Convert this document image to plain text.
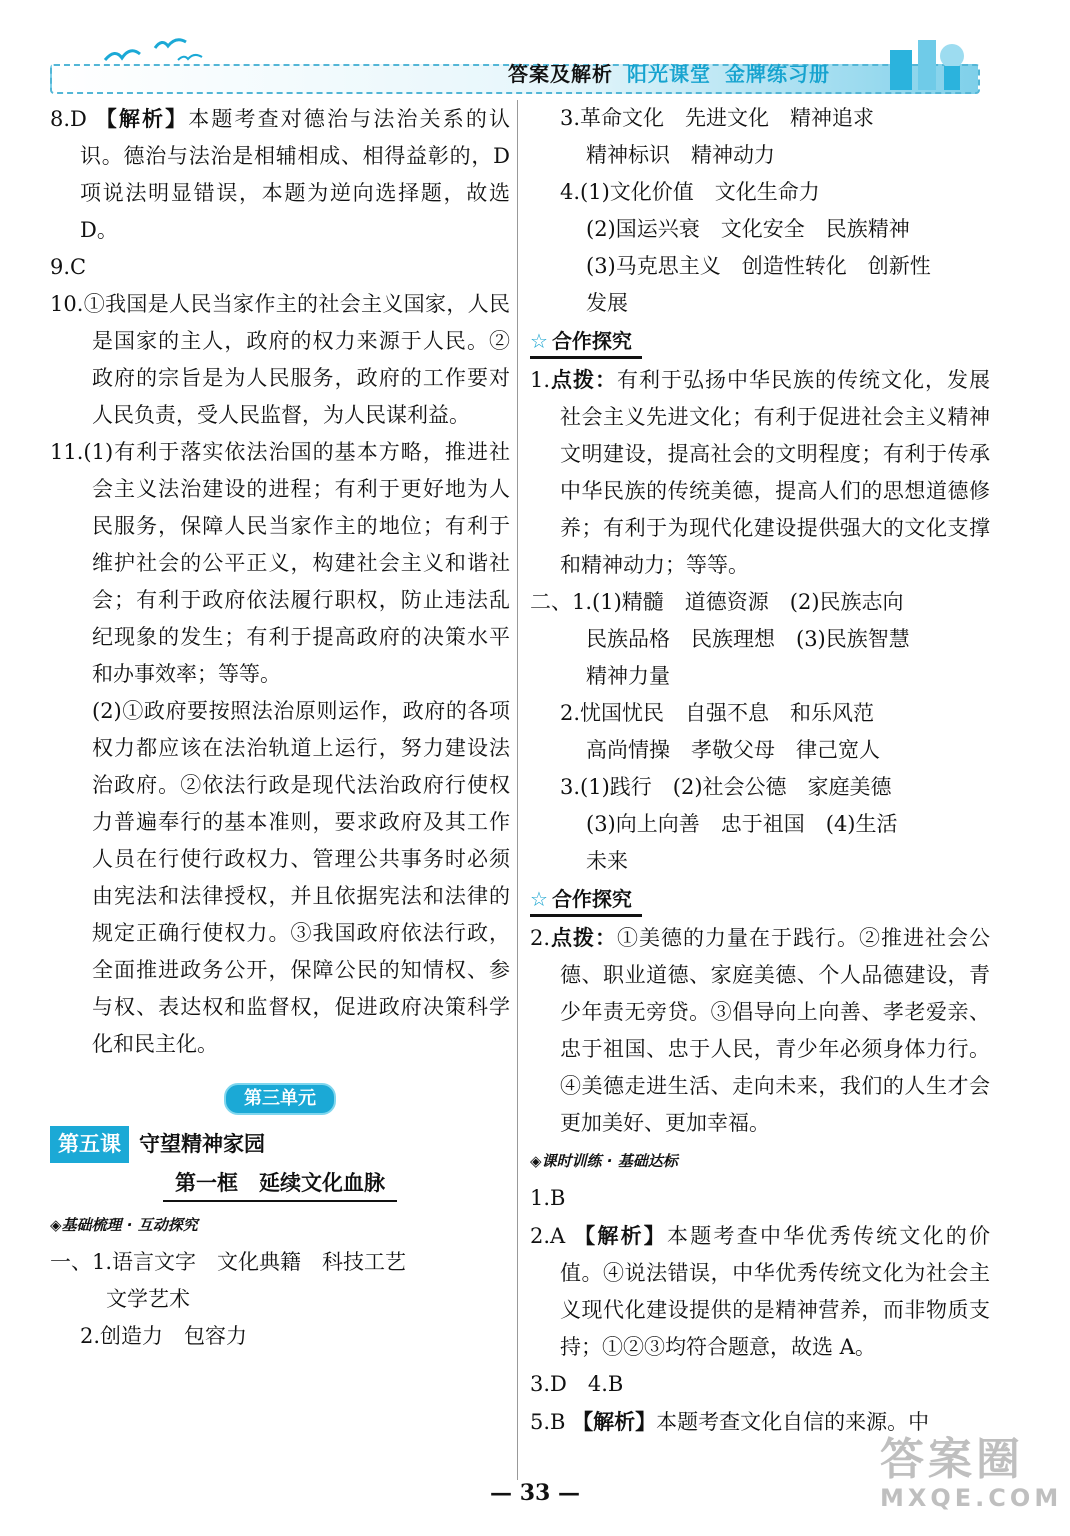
答案及解析 阳光课堂 金牌练习册

8.D 【解析】本题考查对德治与法治关系的认识。德治与法治是相辅相成、相得益彰的，D项说法明显错误，本题为逆向选择题，故选 D。

9.C

10.①我国是人民当家作主的社会主义国家，人民是国家的主人，政府的权力来源于人民。②政府的宗旨是为人民服务，政府的工作要对人民负责，受人民监督，为人民谋利益。

11.(1)有利于落实依法治国的基本方略，推进社会主义法治建设的进程；有利于更好地为人民服务，保障人民当家作主的地位；有利于维护社会的公平正义，构建社会主义和谐社会；有利于政府依法履行职权，防止违法乱纪现象的发生；有利于提高政府的决策水平和办事效率；等等。

(2)①政府要按照法治原则运作，政府的各项权力都应该在法治轨道上运行，努力建设法治政府。②依法行政是现代法治政府行使权力普遍奉行的基本准则，要求政府及其工作人员在行使行政权力、管理公共事务时必须由宪法和法律授权，并且依据宪法和法律的规定正确行使权力。③我国政府依法行政，全面推进政务公开，保障公民的知情权、参与权、表达权和监督权，促进政府决策科学化和民主化。

第三单元
第五课 守望精神家园
第一框　延续文化血脉
◈基础梳理 · 互动探究

一、1.语言文字　文化典籍　科技工艺

文学艺术

2.创造力　包容力

3.革命文化　先进文化　精神追求

精神标识　精神动力

4.(1)文化价值　文化生命力

(2)国运兴衰　文化安全　民族精神

(3)马克思主义　创造性转化　创新性

发展

☆ 合作探究

1.点拨：有利于弘扬中华民族的传统文化，发展社会主义先进文化；有利于促进社会主义精神文明建设，提高社会的文明程度；有利于传承中华民族的传统美德，提高人们的思想道德修养；有利于为现代化建设提供强大的文化支撑和精神动力；等等。

二、1.(1)精髓　道德资源　(2)民族志向

民族品格　民族理想　(3)民族智慧

精神力量

2.忧国忧民　自强不息　和乐风范

高尚情操　孝敬父母　律己宽人

3.(1)践行　(2)社会公德　家庭美德

(3)向上向善　忠于祖国　(4)生活

未来

☆ 合作探究

2.点拨：①美德的力量在于践行。②推进社会公德、职业道德、家庭美德、个人品德建设，青少年责无旁贷。③倡导向上向善、孝老爱亲、忠于祖国、忠于人民，青少年必须身体力行。④美德走进生活、走向未来，我们的人生才会更加美好、更加幸福。

◈课时训练 · 基础达标

1.B

2.A 【解析】本题考查中华优秀传统文化的价值。④说法错误，中华优秀传统文化为社会主义现代化建设提供的是精神营养，而非物质支持；①②③均符合题意，故选 A。

3.D　4.B

5.B 【解析】本题考查文化自信的来源。中

— 33 —
答案圈
MXQE.COM
